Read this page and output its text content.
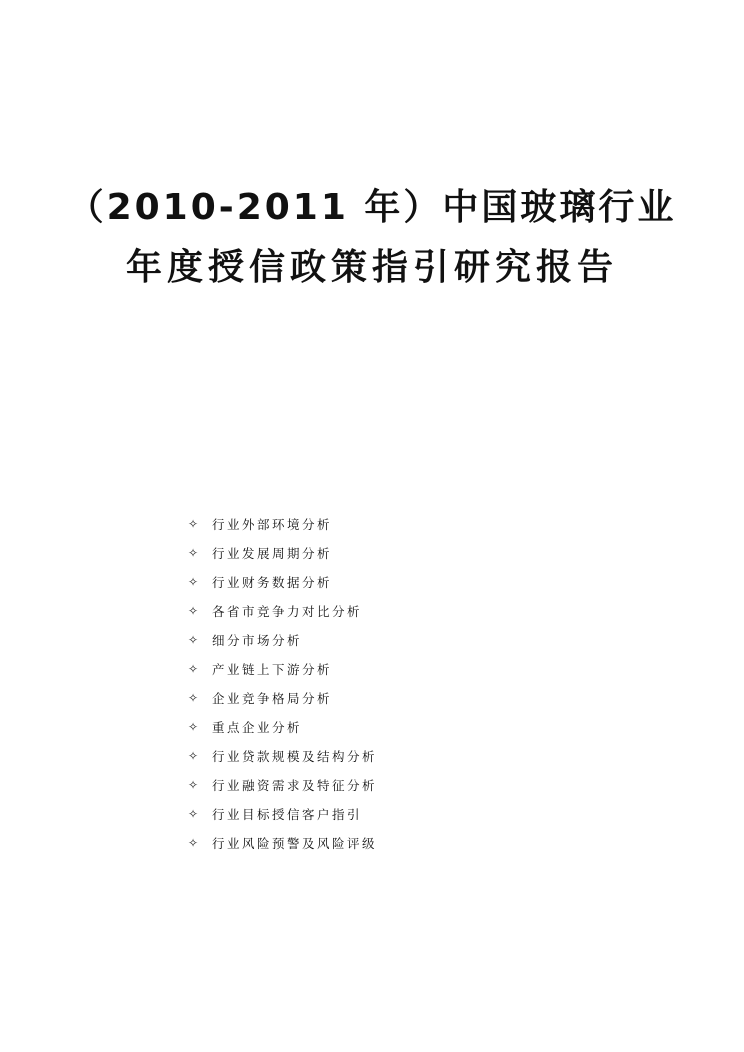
（2010-2011 年）中国玻璃行业
年度授信政策指引研究报告
✧	行业外部环境分析
✧	行业发展周期分析
✧	行业财务数据分析
✧	各省市竞争力对比分析
✧	细分市场分析
✧	产业链上下游分析
✧	企业竞争格局分析
✧	重点企业分析
✧	行业贷款规模及结构分析
✧	行业融资需求及特征分析
✧	行业目标授信客户指引
✧	行业风险预警及风险评级
